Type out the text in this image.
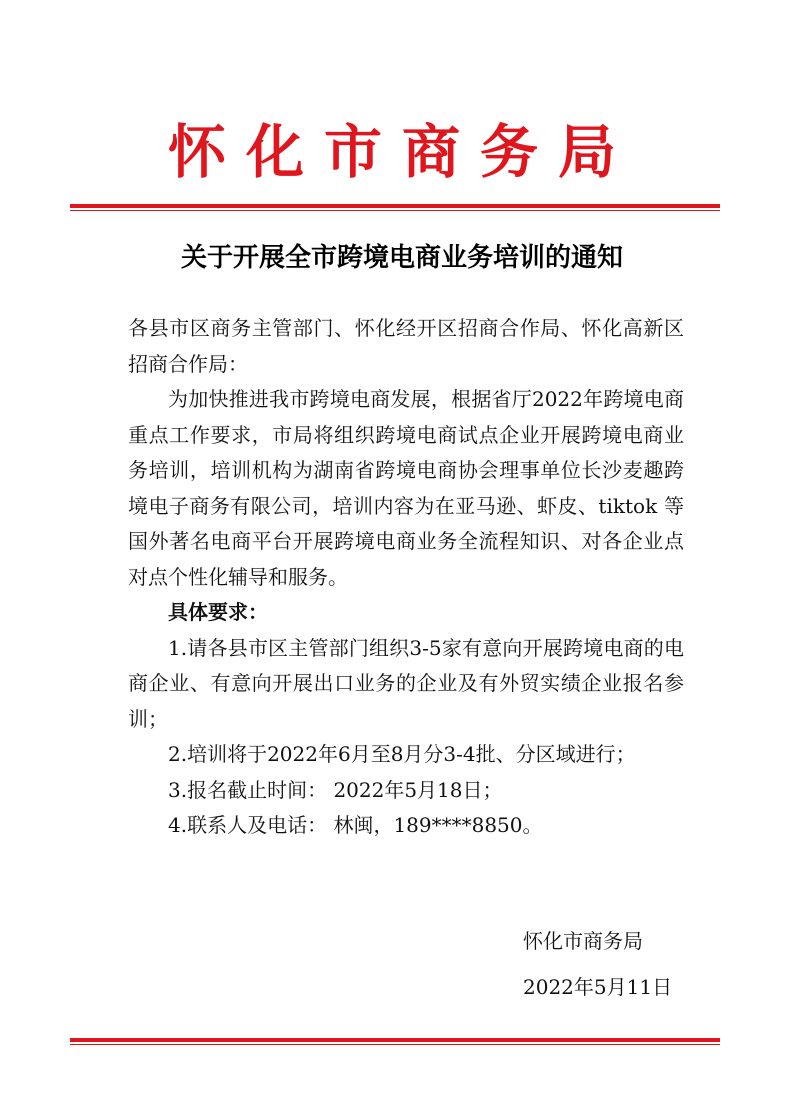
怀化市商务局
关于开展全市跨境电商业务培训的通知

各县市区商务主管部门、怀化经开区招商合作局、怀化高新区招商合作局：

为加快推进我市跨境电商发展，根据省厅2022年跨境电商重点工作要求，市局将组织跨境电商试点企业开展跨境电商业务培训，培训机构为湖南省跨境电商协会理事单位长沙麦趣跨境电子商务有限公司，培训内容为在亚马逊、虾皮、tiktok 等国外著名电商平台开展跨境电商业务全流程知识、对各企业点对点个性化辅导和服务。

具体要求：

1.请各县市区主管部门组织3-5家有意向开展跨境电商的电商企业、有意向开展出口业务的企业及有外贸实绩企业报名参训；

2.培训将于2022年6月至8月分3-4批、分区域进行；

3.报名截止时间： 2022年5月18日；

4.联系人及电话： 林闽，189****8850。

怀化市商务局
2022年5月11日
